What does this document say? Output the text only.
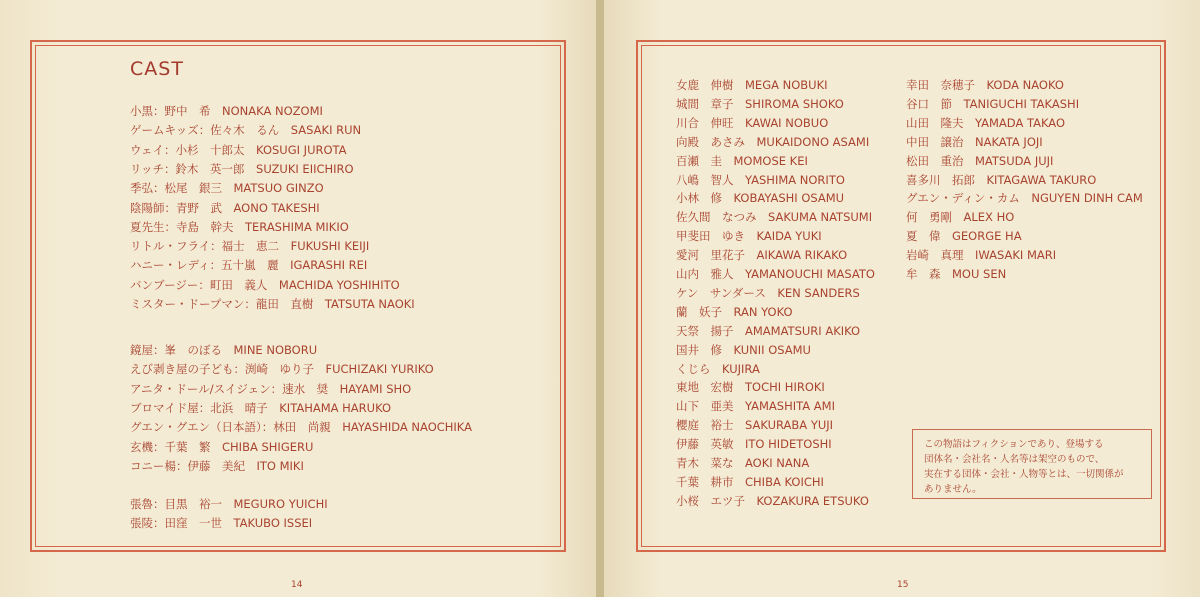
CAST
小黒：野中　希　NONAKA NOZOMI
ゲームキッズ：佐々木　るん　SASAKI RUN
ウェイ：小杉　十郎太　KOSUGI JUROTA
リッチ：鈴木　英一郎　SUZUKI EIICHIRO
季弘：松尾　銀三　MATSUO GINZO
陰陽師：青野　武　AONO TAKESHI
夏先生：寺島　幹夫　TERASHIMA MIKIO
リトル・フライ：福士　恵二　FUKUSHI KEIJI
ハニー・レディ：五十嵐　麗　IGARASHI REI
バンブージー：町田　義人　MACHIDA YOSHIHITO
ミスター・ドープマン：龍田　直樹　TATSUTA NAOKI
鏡屋：峯　のぼる　MINE NOBORU
えび剥き屋の子ども：渕崎　ゆり子　FUCHIZAKI YURIKO
アニタ・ドール/スイジェン：速水　奨　HAYAMI SHO
ブロマイド屋：北浜　晴子　KITAHAMA HARUKO
グエン・グエン（日本語）：林田　尚親　HAYASHIDA NAOCHIKA
玄機：千葉　繁　CHIBA SHIGERU
コニー楊：伊藤　美紀　ITO MIKI
張魯：目黒　裕一　MEGURO YUICHI
張陵：田窪　一世　TAKUBO ISSEI
女鹿　伸樹　MEGA NOBUKI
城間　章子　SHIROMA SHOKO
川合　伸旺　KAWAI NOBUO
向殿　あさみ　MUKAIDONO ASAMI
百瀬　圭　MOMOSE KEI
八嶋　智人　YASHIMA NORITO
小林　修　KOBAYASHI OSAMU
佐久間　なつみ　SAKUMA NATSUMI
甲斐田　ゆき　KAIDA YUKI
愛河　里花子　AIKAWA RIKAKO
山内　雅人　YAMANOUCHI MASATO
ケン　サンダース　KEN SANDERS
蘭　妖子　RAN YOKO
天祭　揚子　AMAMATSURI AKIKO
国井　修　KUNII OSAMU
くじら　KUJIRA
東地　宏樹　TOCHI HIROKI
山下　亜美　YAMASHITA AMI
櫻庭　裕士　SAKURABA YUJI
伊藤　英敏　ITO HIDETOSHI
青木　菜な　AOKI NANA
千葉　耕市　CHIBA KOICHI
小桜　エツ子　KOZAKURA ETSUKO
幸田　奈穂子　KODA NAOKO
谷口　節　TANIGUCHI TAKASHI
山田　隆夫　YAMADA TAKAO
中田　譲治　NAKATA JOJI
松田　重治　MATSUDA JUJI
喜多川　拓郎　KITAGAWA TAKURO
グエン・ディン・カム　NGUYEN DINH CAM
何　勇剛　ALEX HO
夏　偉　GEORGE HA
岩崎　真理　IWASAKI MARI
牟　森　MOU SEN
この物語はフィクションであり、登場する
団体名・会社名・人名等は架空のもので、
実在する団体・会社・人物等とは、一切関係が
ありません。
14	15
